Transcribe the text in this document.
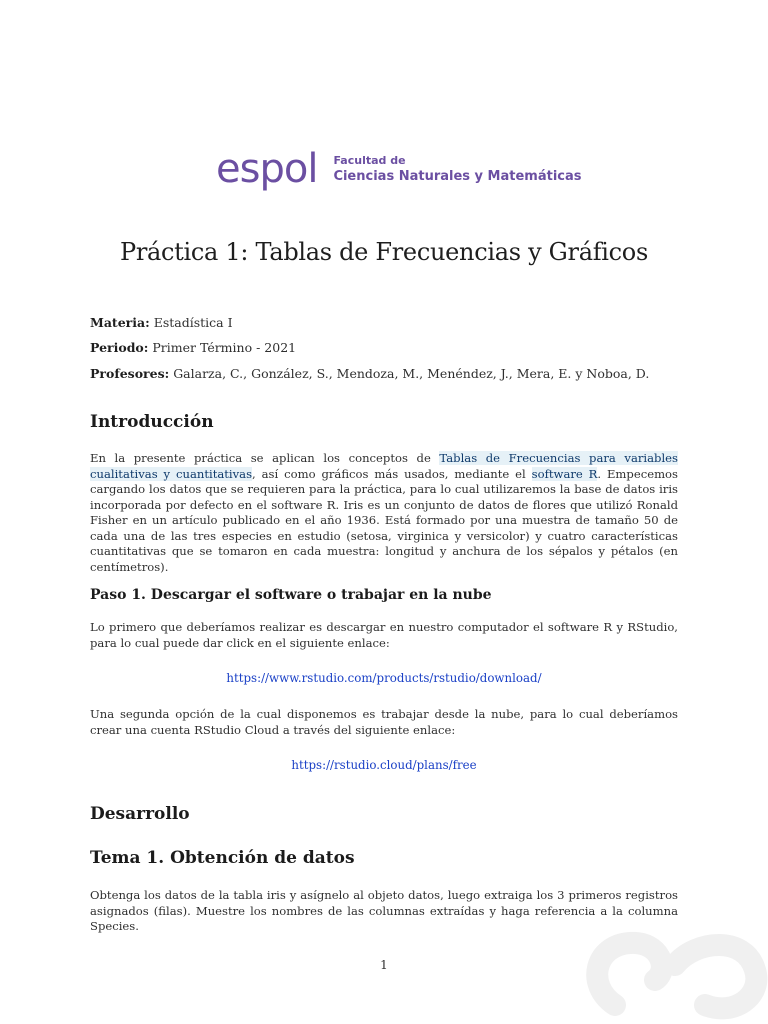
espol Facultad de
Ciencias Naturales y Matemáticas
Práctica 1: Tablas de Frecuencias y Gráficos
Materia: Estadística I
Periodo: Primer Término - 2021
Profesores: Galarza, C., González, S., Mendoza, M., Menéndez, J., Mera, E. y Noboa, D.
Introducción

En la presente práctica se aplican los conceptos de Tablas de Frecuencias para variables cualitativas y cuantitativas, así como gráficos más usados, mediante el software R. Empecemos cargando los datos que se requieren para la práctica, para lo cual utilizaremos la base de datos iris incorporada por defecto en el software R. Iris es un conjunto de datos de flores que utilizó Ronald Fisher en un artículo publicado en el año 1936. Está formado por una muestra de tamaño 50 de cada una de las tres especies en estudio (setosa, virginica y versicolor) y cuatro características cuantitativas que se tomaron en cada muestra: longitud y anchura de los sépalos y pétalos (en centímetros).

Paso 1. Descargar el software o trabajar en la nube

Lo primero que deberíamos realizar es descargar en nuestro computador el software R y RStudio, para lo cual puede dar click en el siguiente enlace:

https://www.rstudio.com/products/rstudio/download/

Una segunda opción de la cual disponemos es trabajar desde la nube, para lo cual deberíamos crear una cuenta RStudio Cloud a través del siguiente enlace:

https://rstudio.cloud/plans/free
Desarrollo
Tema 1. Obtención de datos

Obtenga los datos de la tabla iris y asígnelo al objeto datos, luego extraiga los 3 primeros registros asignados (filas). Muestre los nombres de las columnas extraídas y haga referencia a la columna Species.

1
